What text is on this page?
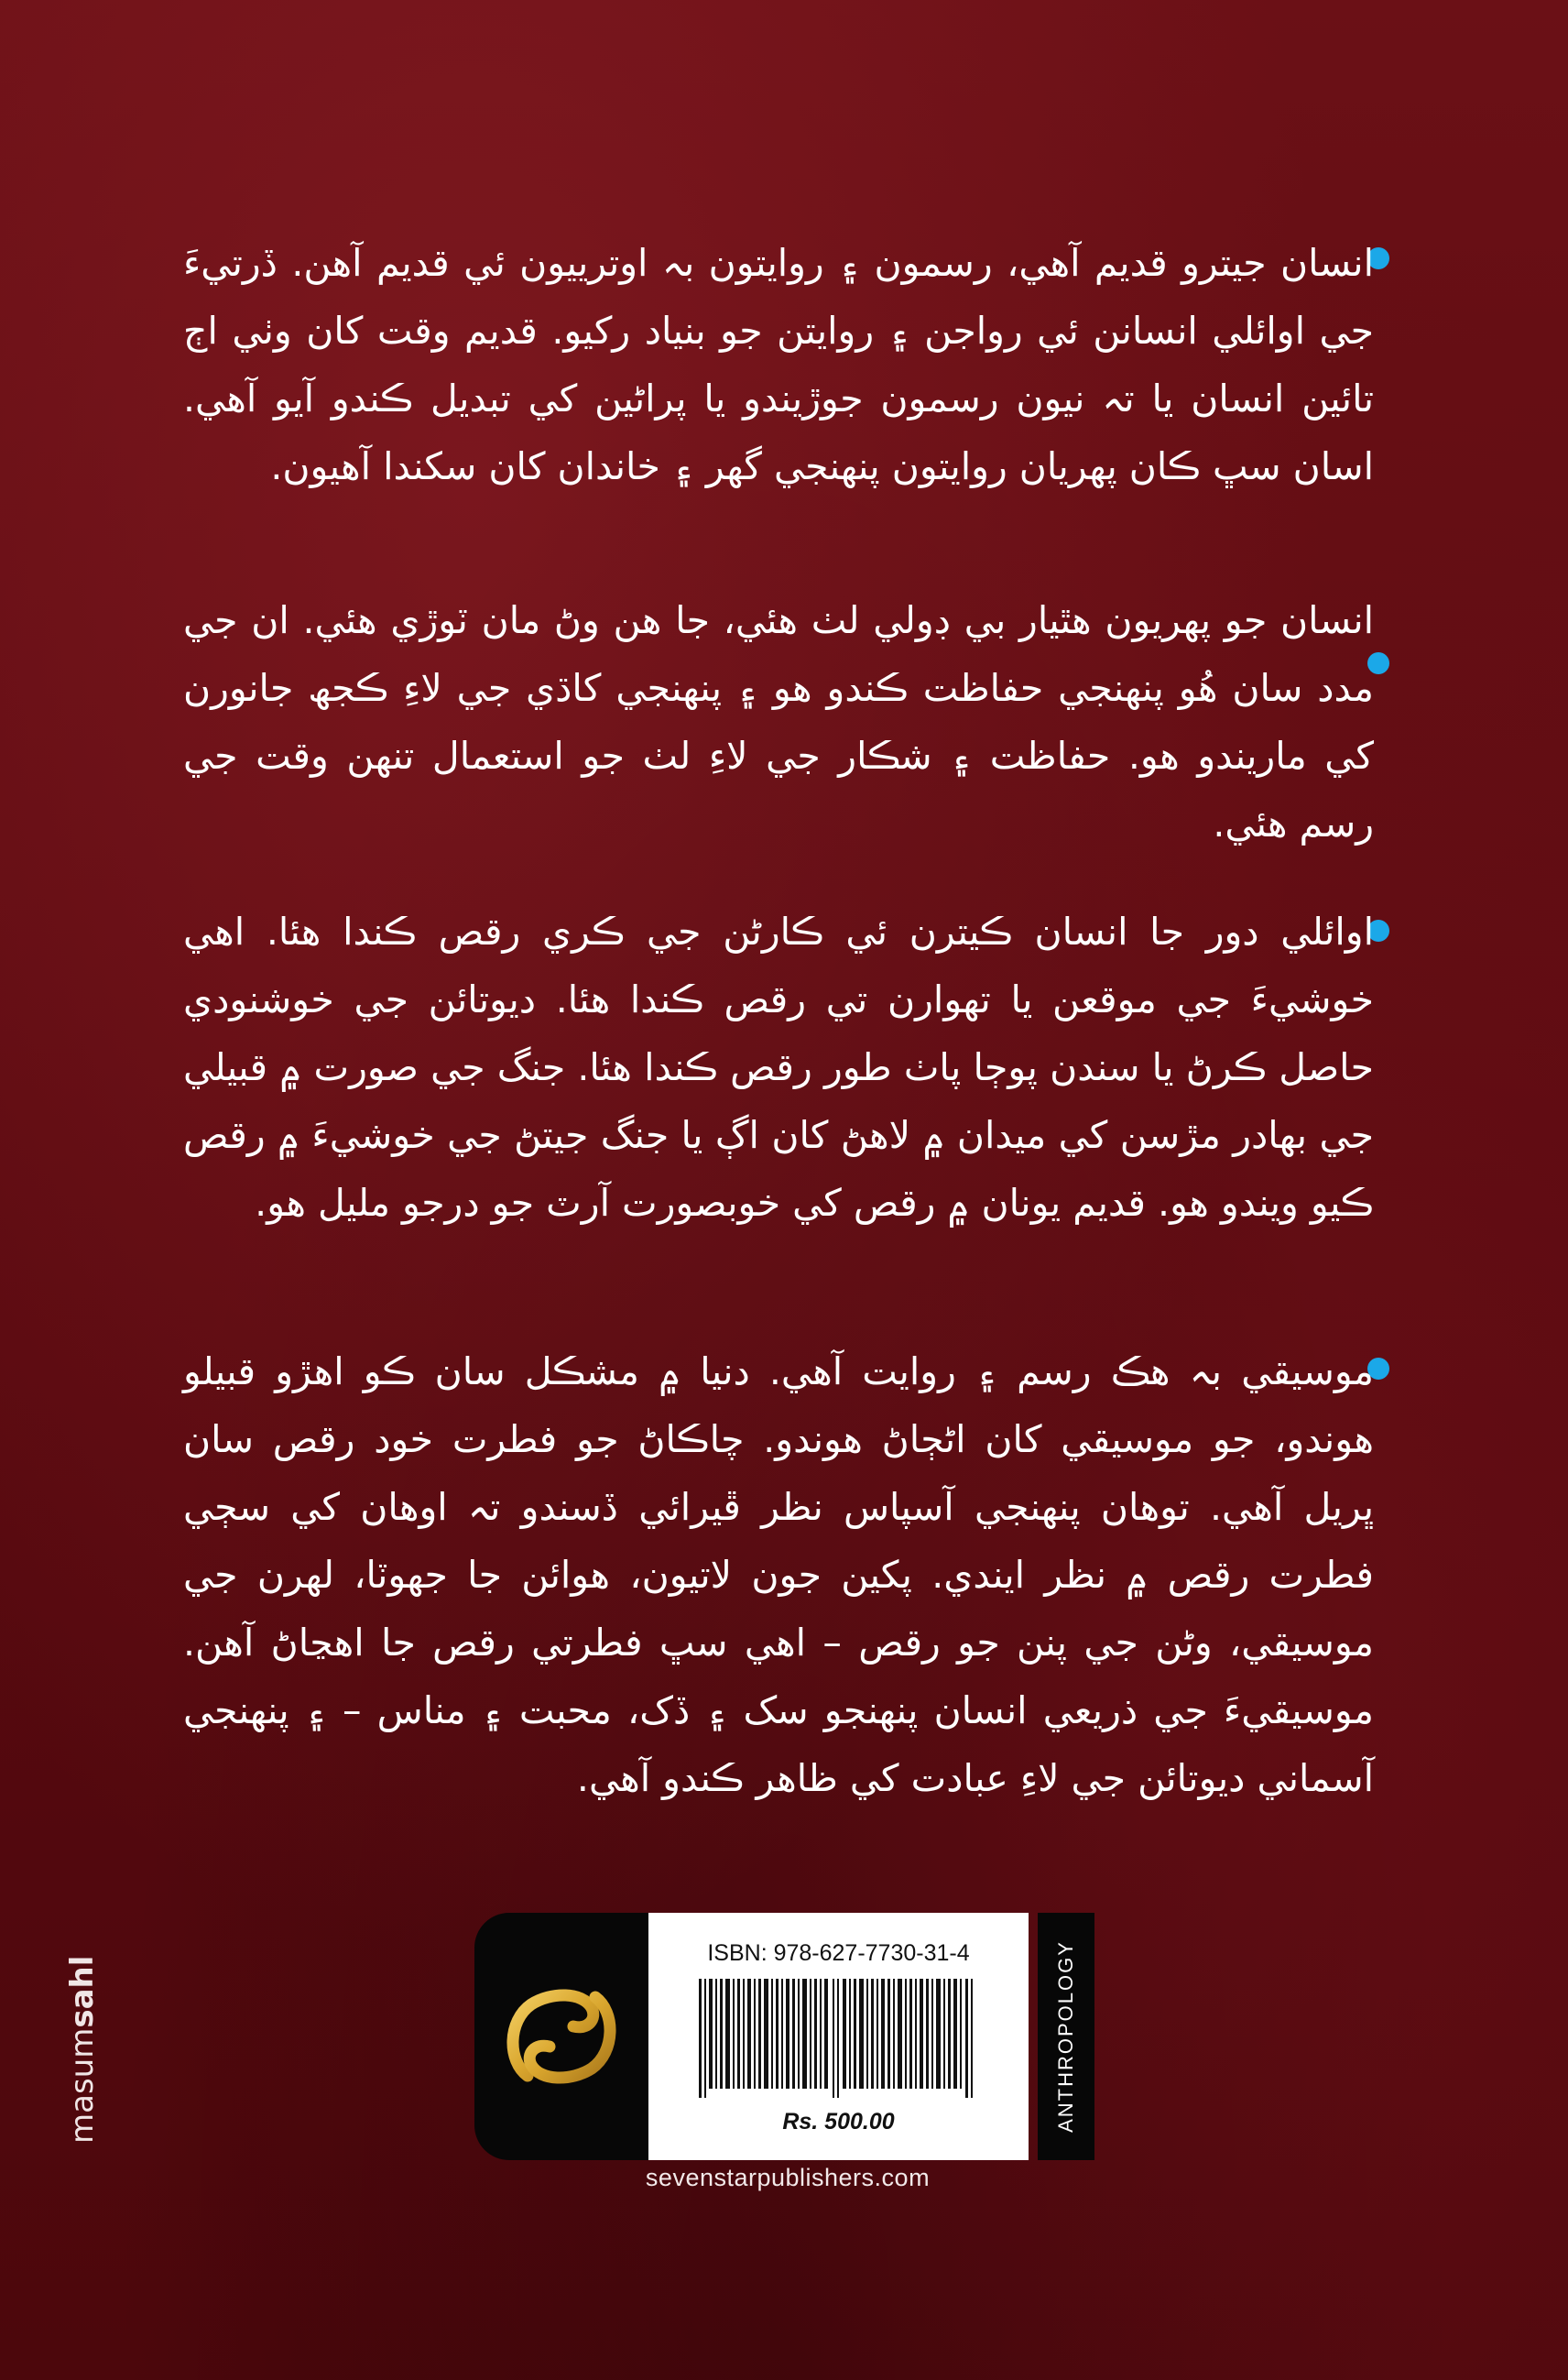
انسان جيترو قديم آهي، رسمون ۽ روايتون بہ اوترييون ئي قديم آهن. ڏرتيءَ جي اوائلي انسانن ئي رواجن ۽ روايتن جو بنياد رکيو. قديم وقت کان وٺي اڄ تائين انسان يا تہ نيون رسمون جوڙيندو يا پراڻين کي تبديل ڪندو آيو آهي. اسان سڀ ڪان پهريان روايتون پنهنجي گهر ۽ خاندان کان سکندا آهيون.
انسان جو پهريون هٿيار بي ڊولي لٺ هئي، جا هن وڻ مان ٽوڙي هئي. ان جي مدد سان هُو پنهنجي حفاظت ڪندو هو ۽ پنهنجي کاڌي جي لاءِ ڪجھ جانورن کي ماريندو هو. حفاظت ۽ شڪار جي لاءِ لٺ جو استعمال تنهن وقت جي رسم هئي.
اوائلي دور جا انسان ڪيترن ئي ڪارڻن جي ڪري رقص ڪندا هئا. اهي خوشيءَ جي موقعن يا تهوارن تي رقص ڪندا هئا. ديوتائن جي خوشنودي حاصل ڪرڻ يا سندن پوڄا پاٺ طور رقص ڪندا هئا. جنگ جي صورت ۾ قبيلي جي بهادر مڙسن کي ميدان ۾ لاهڻ کان اڳ يا جنگ جيتڻ جي خوشيءَ ۾ رقص ڪيو ويندو هو. قديم يونان ۾ رقص کي خوبصورت آرٽ جو درجو مليل هو.
موسيقي بہ هڪ رسم ۽ روايت آهي. دنيا ۾ مشڪل سان ڪو اهڙو قبيلو هوندو، جو موسيقي کان اڻڄاڻ هوندو. چاڪاڻ جو فطرت خود رقص سان ڀريل آهي. توهان پنهنجي آسپاس نظر ڦيرائي ڏسندو تہ اوهان کي سڄي فطرت رقص ۾ نظر ايندي. پکين جون لاتيون، هوائن جا جهوٽا، لهرن جي موسيقي، وڻن جي پنن جو رقص – اهي سڀ فطرتي رقص جا اهڃاڻ آهن. موسيقيءَ جي ذريعي انسان پنهنجو سک ۽ ڏک، محبت ۽ مناس – ۽ پنهنجي آسماني ديوتائن جي لاءِ عبادت کي ظاهر ڪندو آهي.
masumsahl
ISBN: 978-627-7730-31-4
Rs. 500.00	ANTHROPOLOGY
sevenstarpublishers.com
